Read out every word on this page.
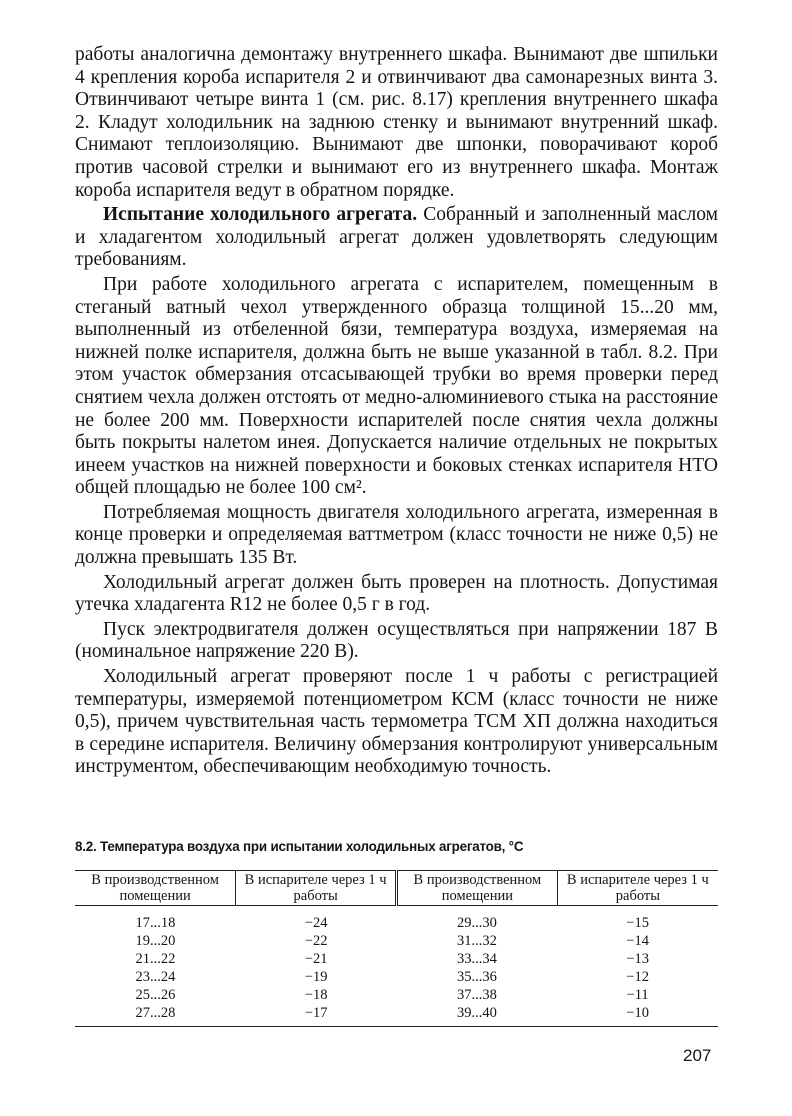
работы аналогична демонтажу внутреннего шкафа. Вынимают две шпильки 4 крепления короба испарителя 2 и отвинчивают два самонарезных винта 3. Отвинчивают четыре винта 1 (см. рис. 8.17) крепления внутреннего шкафа 2. Кладут холодильник на заднюю стенку и вынимают внутренний шкаф. Снимают теплоизоляцию. Вынимают две шпонки, поворачивают короб против часовой стрелки и вынимают его из внутреннего шкафа. Монтаж короба испарителя ведут в обратном порядке.

Испытание холодильного агрегата. Собранный и заполненный маслом и хладагентом холодильный агрегат должен удовлетворять следующим требованиям.

При работе холодильного агрегата с испарителем, помещенным в стеганый ватный чехол утвержденного образца толщиной 15...20 мм, выполненный из отбеленной бязи, температура воздуха, измеряемая на нижней полке испарителя, должна быть не выше указанной в табл. 8.2. При этом участок обмерзания отсасывающей трубки во время проверки перед снятием чехла должен отстоять от медно-алюминиевого стыка на расстояние не более 200 мм. Поверхности испарителей после снятия чехла должны быть покрыты налетом инея. Допускается наличие отдельных не покрытых инеем участков на нижней поверхности и боковых стенках испарителя НТО общей площадью не более 100 см².

Потребляемая мощность двигателя холодильного агрегата, измеренная в конце проверки и определяемая ваттметром (класс точности не ниже 0,5) не должна превышать 135 Вт.

Холодильный агрегат должен быть проверен на плотность. Допустимая утечка хладагента R12 не более 0,5 г в год.

Пуск электродвигателя должен осуществляться при напряжении 187 В (номинальное напряжение 220 В).

Холодильный агрегат проверяют после 1 ч работы с регистрацией температуры, измеряемой потенциометром КСМ (класс точности не ниже 0,5), причем чувствительная часть термометра ТСМ ХП должна находиться в середине испарителя. Величину обмерзания контролируют универсальным инструментом, обеспечивающим необходимую точность.

8.2. Температура воздуха при испытании холодильных агрегатов, °С

В производственном помещении	В испарителе через 1 ч работы	В производственном помещении	В испарителе через 1 ч работы

17...18	−24	29...30	−15
19...20	−22	31...32	−14
21...22	−21	33...34	−13
23...24	−19	35...36	−12
25...26	−18	37...38	−11
27...28	−17	39...40	−10

207
